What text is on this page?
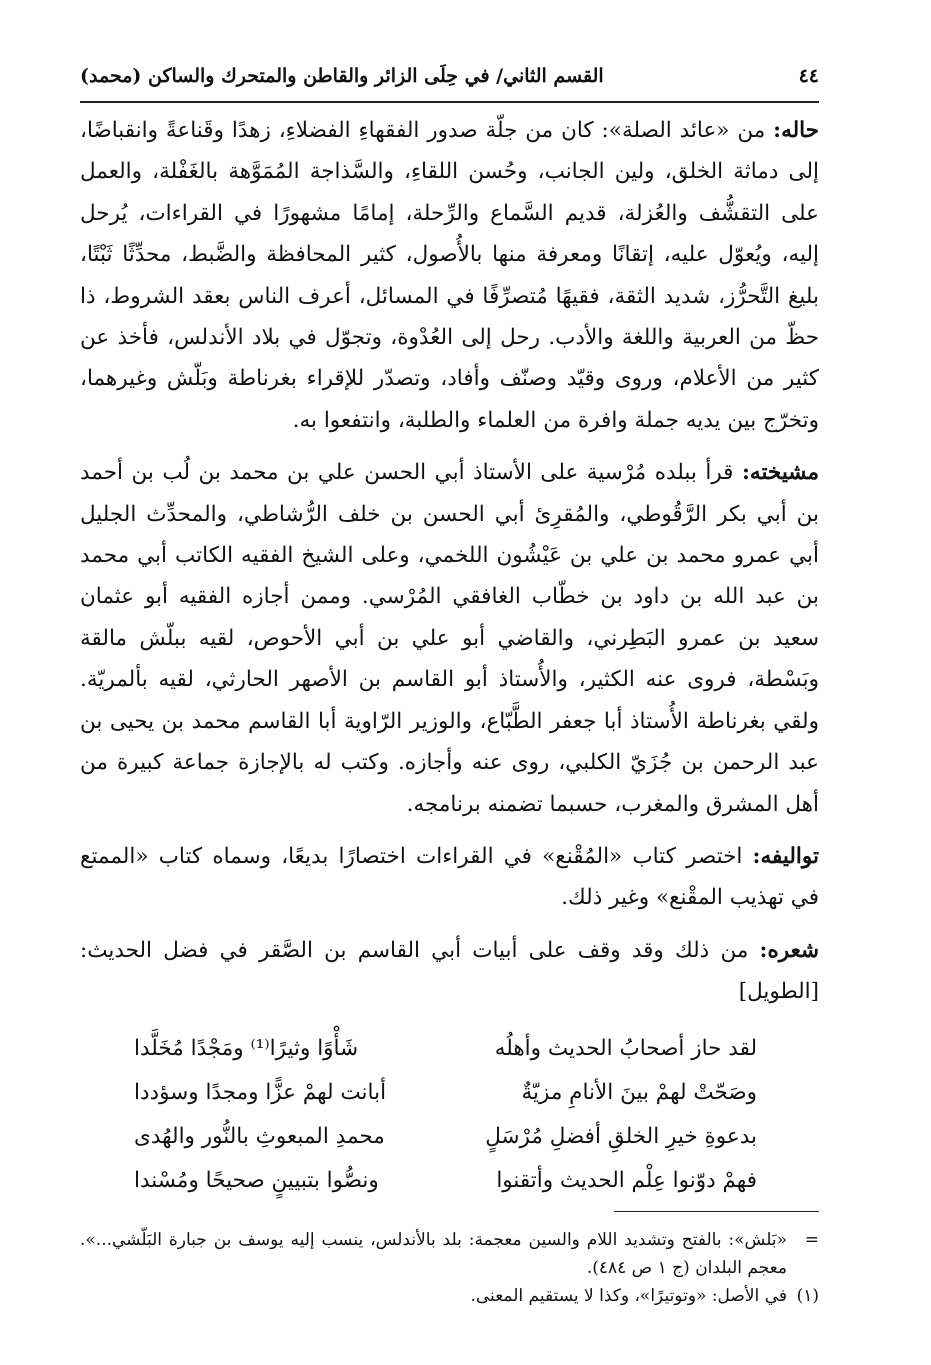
٤٤
القسم الثاني/ في حِلَى الزائر والقاطن والمتحرك والساكن (محمد)

حاله: من «عائد الصلة»: كان من جلّة صدور الفقهاءِ الفضلاءِ، زهدًا وقَناعةً وانقباضًا، إلى دماثة الخلق، ولين الجانب، وحُسن اللقاءِ، والسَّذاجة المُمَوَّهة بالغَفْلة، والعمل على التقشُّف والعُزلة، قديم السَّماع والرِّحلة، إمامًا مشهورًا في القراءات، يُرحل إليه، ويُعوّل عليه، إتقانًا ومعرفة منها بالأُصول، كثير المحافظة والضَّبط، محدِّثًا ثَبْتًا، بليغ التَّحرُّز، شديد الثقة، فقيهًا مُتصرِّفًا في المسائل، أعرف الناس بعقد الشروط، ذا حظّ من العربية واللغة والأدب. رحل إلى العُدْوة، وتجوّل في بلاد الأندلس، فأخذ عن كثير من الأعلام، وروى وقيّد وصنّف وأفاد، وتصدّر للإقراء بغرناطة وبَلّش وغيرهما، وتخرّج بين يديه جملة وافرة من العلماء والطلبة، وانتفعوا به.

مشيخته: قرأ ببلده مُرْسية على الأستاذ أبي الحسن علي بن محمد بن لُب بن أحمد بن أبي بكر الرَّقُوطي، والمُقرِئ أبي الحسن بن خلف الرُّشاطي، والمحدِّث الجليل أبي عمرو محمد بن علي بن عَيْشُون اللخمي، وعلى الشيخ الفقيه الكاتب أبي محمد بن عبد الله بن داود بن خطّاب الغافقي المُرْسي. وممن أجازه الفقيه أبو عثمان سعيد بن عمرو البَطِرني، والقاضي أبو علي بن أبي الأحوص، لقيه ببلّش مالقة وبَسْطة، فروى عنه الكثير، والأُستاذ أبو القاسم بن الأصهر الحارثي، لقيه بألمريّة. ولقي بغرناطة الأُستاذ أبا جعفر الطَّبّاع، والوزير الرّاوية أبا القاسم محمد بن يحيى بن عبد الرحمن بن جُزَيّ الكلبي، روى عنه وأجازه. وكتب له بالإجازة جماعة كبيرة من أهل المشرق والمغرب، حسبما تضمنه برنامجه.

تواليفه: اختصر كتاب «المُقْنع» في القراءات اختصارًا بديعًا، وسماه كتاب «الممتع في تهذيب المقْنع» وغير ذلك.

شعره: من ذلك وقد وقف على أبيات أبي القاسم بن الصَّقر في فضل الحديث: [الطويل]

لقد حاز أصحابُ الحديث وأهلُه
شَأْوًا وثيرًا⁽¹⁾ ومَجْدًا مُخَلَّدا
وصَحّتْ لهمْ بينَ الأنامِ مزيّةٌ
أبانت لهمْ عزًّا ومجدًا وسؤددا
بدعوةِ خيرِ الخلقِ أفضلِ مُرْسَلٍ
محمدِ المبعوثِ بالنُّور والهُدى
فهمْ دوّنوا عِلْم الحديث وأتقنوا
ونصُّوا بتبيينٍ صحيحًا ومُسْندا
=
«بَلش»: بالفتح وتشديد اللام والسين معجمة: بلد بالأندلس، ينسب إليه يوسف بن جبارة البَلّشي...». معجم البلدان (ج ١ ص ٤٨٤).
(١)
في الأصل: «وتوتيرًا»، وكذا لا يستقيم المعنى.
